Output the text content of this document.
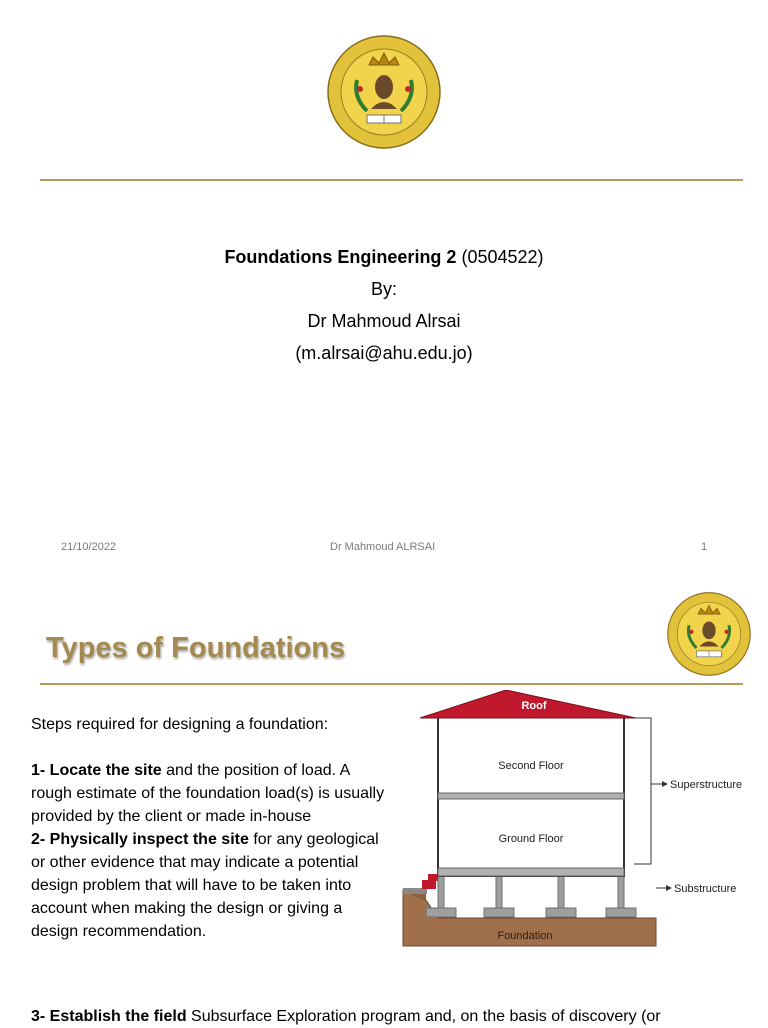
Foundations Engineering 2 (0504522)
By:
Dr Mahmoud Alrsai
(m.alrsai@ahu.edu.jo)
21/10/2022	Dr Mahmoud ALRSAI	1
Types of Foundations

Steps required for designing a foundation:

1- Locate the site and the position of load. A rough estimate of the foundation load(s) is usually provided by the client or made in-house

2- Physically inspect the site for any geological or other evidence that may indicate a potential design problem that will have to be taken into account when making the design or giving a design recommendation.

3- Establish the field Subsurface Exploration program and, on the basis of discovery (or
Roof
Second Floor
Ground Floor
Foundation
Superstructure
Substructure
